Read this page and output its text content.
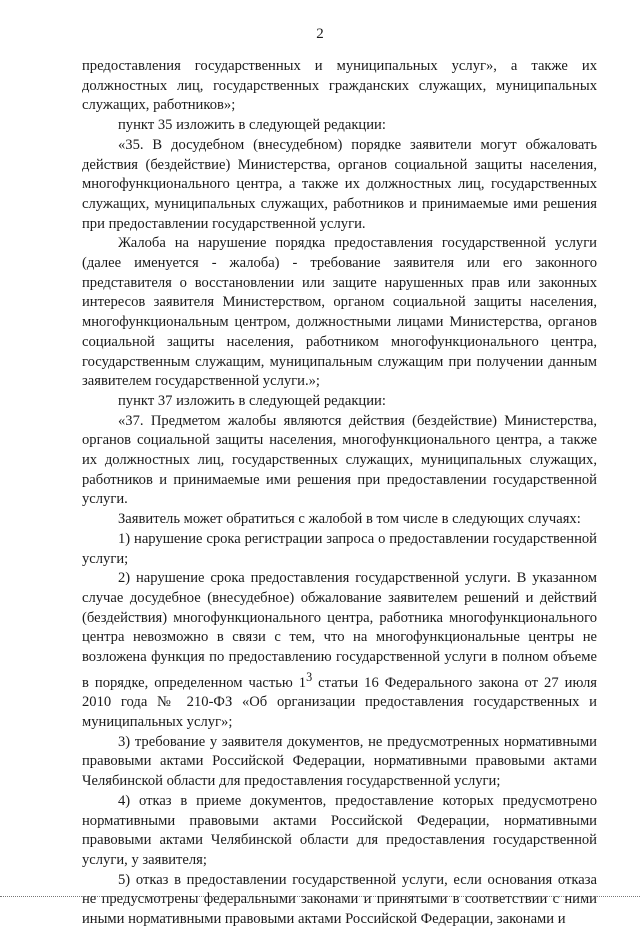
2

предоставления государственных и муниципальных услуг», а также их должностных лиц, государственных гражданских служащих, муниципальных служащих, работников»;

пункт 35 изложить в следующей редакции:

«35. В досудебном (внесудебном) порядке заявители могут обжаловать действия (бездействие) Министерства, органов социальной защиты населения, многофункционального центра, а также их должностных лиц, государственных служащих, муниципальных служащих, работников и принимаемые ими решения при предоставлении государственной услуги.

Жалоба на нарушение порядка предоставления государственной услуги (далее именуется - жалоба) - требование заявителя или его законного представителя о восстановлении или защите нарушенных прав или законных интересов заявителя Министерством, органом социальной защиты населения, многофункциональным центром, должностными лицами Министерства, органов социальной защиты населения, работником многофункционального центра, государственным служащим, муниципальным служащим при получении данным заявителем государственной услуги.»;

пункт 37 изложить в следующей редакции:

«37. Предметом жалобы являются действия (бездействие) Министерства, органов социальной защиты населения, многофункционального центра, а также их должностных лиц, государственных служащих, муниципальных служащих, работников и принимаемые ими решения при предоставлении государственной услуги.

Заявитель может обратиться с жалобой в том числе в следующих случаях:

1) нарушение срока регистрации запроса о предоставлении государственной услуги;

2) нарушение срока предоставления государственной услуги. В указанном случае досудебное (внесудебное) обжалование заявителем решений и действий (бездействия) многофункционального центра, работника многофункционального центра невозможно в связи с тем, что на многофункциональные центры не возложена функция по предоставлению государственной услуги в полном объеме в порядке, определенном частью $1^3$ статьи 16 Федерального закона от 27 июля 2010 года № 210-ФЗ «Об организации предоставления государственных и муниципальных услуг»;

3) требование у заявителя документов, не предусмотренных нормативными правовыми актами Российской Федерации, нормативными правовыми актами Челябинской области для предоставления государственной услуги;

4) отказ в приеме документов, предоставление которых предусмотрено нормативными правовыми актами Российской Федерации, нормативными правовыми актами Челябинской области для предоставления государственной услуги, у заявителя;

5) отказ в предоставлении государственной услуги, если основания отказа не предусмотрены федеральными законами и принятыми в соответствии с ними иными нормативными правовыми актами Российской Федерации, законами и
